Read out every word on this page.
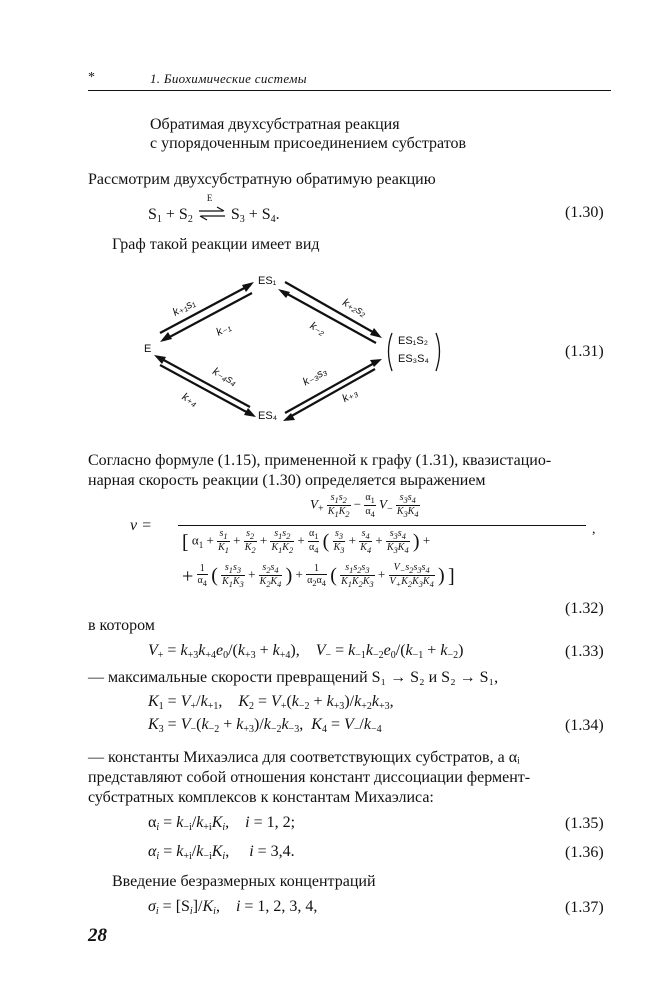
*	1. Биохимические системы
Обратимая двухсубстратная реакция
с упорядоченным присоединением субстратов
Рассмотрим двухсубстратную обратимую реакцию
$S_1 + S_2$
E
$S_3 + S_4$.	(1.30)
Граф такой реакции имеет вид
ES₁
E
ES₄
ES₁S₂
ES₃S₄
k₊₁s₁
k₋₁
k₊₂s₂
k₋₂
k₋₄s₄
k₊₄
k₋₃s₃
k₊₃
(1.31)
Согласно формуле (1.15), примененной к графу (1.31), квазистацио-
нарная скорость реакции (1.30) определяется выражением
v =
$V_+ \frac{s_1s_2}{K_1K_2} - \frac{\alpha_1}{\alpha_4} V_- \frac{s_3s_4}{K_3K_4}$
[ $\alpha_1 + \frac{s_1}{K_1} + \frac{s_2}{K_2} + \frac{s_1s_2}{K_1K_2} + \frac{\alpha_1}{\alpha_4}$ ( $\frac{s_3}{K_3} + \frac{s_4}{K_4} + \frac{s_3s_4}{K_3K_4}$ ) +
+ $\frac{1}{\alpha_4}$ ( $\frac{s_1s_3}{K_1K_3} + \frac{s_2s_4}{K_2K_4}$ ) + $\frac{1}{\alpha_2\alpha_4}$ ( $\frac{s_1s_2s_3}{K_1K_2K_3} + \frac{V_-s_2s_3s_4}{V_+K_2K_3K_4}$ ) ]
,
(1.32)
в котором
$V_+ = k_{+3}k_{+4}e_0/(k_{+3} + k_{+4})$,    $V_- = k_{-1}k_{-2}e_0/(k_{-1} + k_{-2})$	(1.33)
— максимальные скорости превращений S₁ → S₂ и S₂ → S₁,
$K_1 = V_+/k_{+1}$,    $K_2 = V_+(k_{-2} + k_{+3})/k_{+2}k_{+3}$,
$K_3 = V_-(k_{-2} + k_{+3})/k_{-2}k_{-3}$,  $K_4 = V_-/k_{-4}$	(1.34)
— константы Михаэлиса для соответствующих субстратов, а αᵢ
представляют собой отношения констант диссоциации фермент-
субстратных комплексов к константам Михаэлиса:
$\alpha_i = k_{-i}/k_{+i}K_i$,    i = 1, 2;	(1.35)
$\alpha_i = k_{+i}/k_{-i}K_i$,     i = 3,4.	(1.36)
Введение безразмерных концентраций
$\sigma_i = [S_i]/K_i$,    i = 1, 2, 3, 4,	(1.37)
28
